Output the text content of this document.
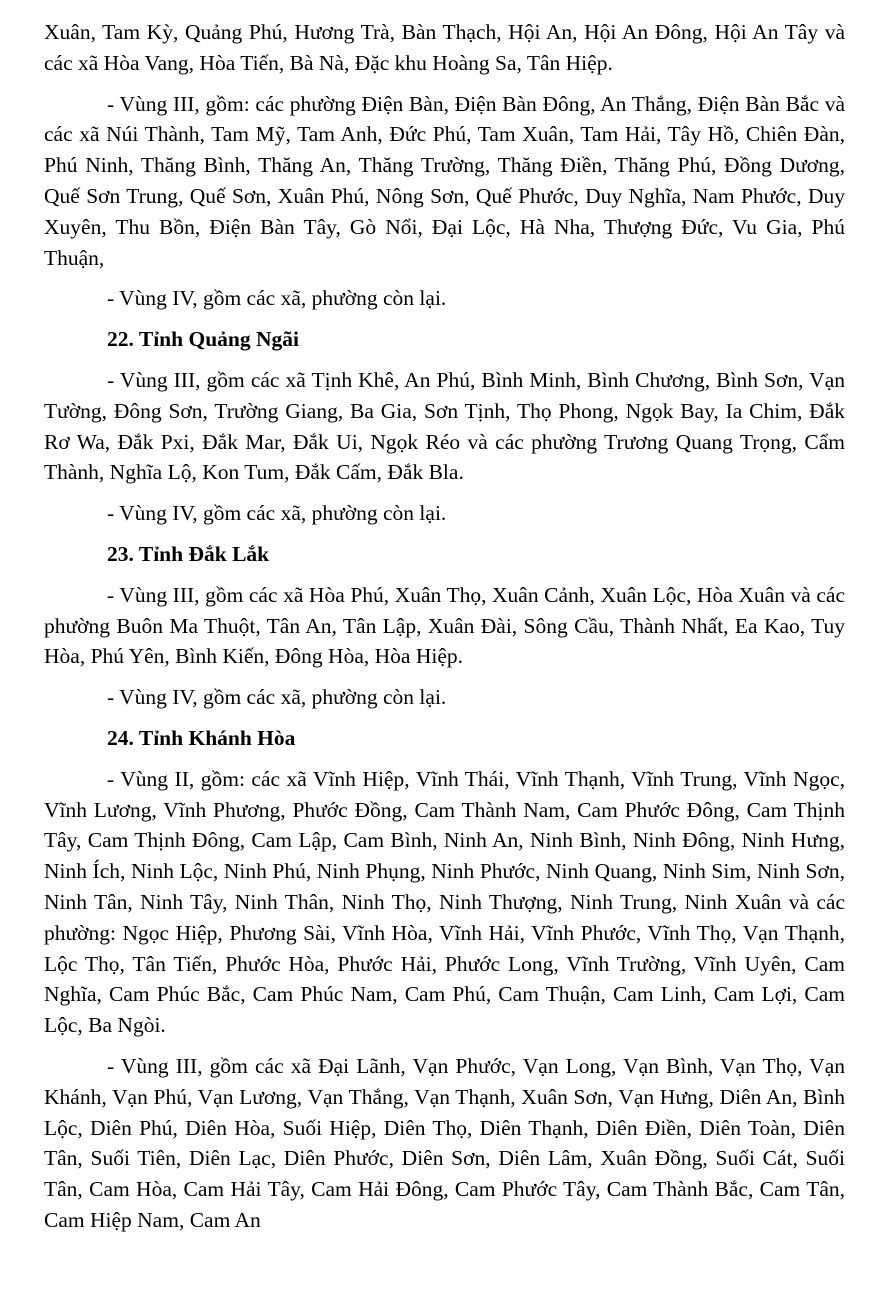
Xuân, Tam Kỳ, Quảng Phú, Hương Trà, Bàn Thạch, Hội An, Hội An Đông, Hội An Tây và các xã Hòa Vang, Hòa Tiến, Bà Nà, Đặc khu Hoàng Sa, Tân Hiệp.

- Vùng III, gồm: các phường Điện Bàn, Điện Bàn Đông, An Thắng, Điện Bàn Bắc và các xã Núi Thành, Tam Mỹ, Tam Anh, Đức Phú, Tam Xuân, Tam Hải, Tây Hồ, Chiên Đàn, Phú Ninh, Thăng Bình, Thăng An, Thăng Trường, Thăng Điền, Thăng Phú, Đồng Dương, Quế Sơn Trung, Quế Sơn, Xuân Phú, Nông Sơn, Quế Phước, Duy Nghĩa, Nam Phước, Duy Xuyên, Thu Bồn, Điện Bàn Tây, Gò Nổi, Đại Lộc, Hà Nha, Thượng Đức, Vu Gia, Phú Thuận,

- Vùng IV, gồm các xã, phường còn lại.

22. Tỉnh Quảng Ngãi

- Vùng III, gồm các xã Tịnh Khê, An Phú, Bình Minh, Bình Chương, Bình Sơn, Vạn Tường, Đông Sơn, Trường Giang, Ba Gia, Sơn Tịnh, Thọ Phong, Ngọk Bay, Ia Chim, Đắk Rơ Wa, Đắk Pxi, Đắk Mar, Đắk Ui, Ngọk Réo và các phường Trương Quang Trọng, Cẩm Thành, Nghĩa Lộ, Kon Tum, Đắk Cấm, Đắk Bla.

- Vùng IV, gồm các xã, phường còn lại.

23. Tỉnh Đắk Lắk

- Vùng III, gồm các xã Hòa Phú, Xuân Thọ, Xuân Cảnh, Xuân Lộc, Hòa Xuân và các phường Buôn Ma Thuột, Tân An, Tân Lập, Xuân Đài, Sông Cầu, Thành Nhất, Ea Kao, Tuy Hòa, Phú Yên, Bình Kiến, Đông Hòa, Hòa Hiệp.

- Vùng IV, gồm các xã, phường còn lại.

24. Tỉnh Khánh Hòa

- Vùng II, gồm: các xã Vĩnh Hiệp, Vĩnh Thái, Vĩnh Thạnh, Vĩnh Trung, Vĩnh Ngọc, Vĩnh Lương, Vĩnh Phương, Phước Đồng, Cam Thành Nam, Cam Phước Đông, Cam Thịnh Tây, Cam Thịnh Đông, Cam Lập, Cam Bình, Ninh An, Ninh Bình, Ninh Đông, Ninh Hưng, Ninh Ích, Ninh Lộc, Ninh Phú, Ninh Phụng, Ninh Phước, Ninh Quang, Ninh Sim, Ninh Sơn, Ninh Tân, Ninh Tây, Ninh Thân, Ninh Thọ, Ninh Thượng, Ninh Trung, Ninh Xuân và các phường: Ngọc Hiệp, Phương Sài, Vĩnh Hòa, Vĩnh Hải, Vĩnh Phước, Vĩnh Thọ, Vạn Thạnh, Lộc Thọ, Tân Tiến, Phước Hòa, Phước Hải, Phước Long, Vĩnh Trường, Vĩnh Uyên, Cam Nghĩa, Cam Phúc Bắc, Cam Phúc Nam, Cam Phú, Cam Thuận, Cam Linh, Cam Lợi, Cam Lộc, Ba Ngòi.

- Vùng III, gồm các xã Đại Lãnh, Vạn Phước, Vạn Long, Vạn Bình, Vạn Thọ, Vạn Khánh, Vạn Phú, Vạn Lương, Vạn Thắng, Vạn Thạnh, Xuân Sơn, Vạn Hưng, Diên An, Bình Lộc, Diên Phú, Diên Hòa, Suối Hiệp, Diên Thọ, Diên Thạnh, Diên Điền, Diên Toàn, Diên Tân, Suối Tiên, Diên Lạc, Diên Phước, Diên Sơn, Diên Lâm, Xuân Đồng, Suối Cát, Suối Tân, Cam Hòa, Cam Hải Tây, Cam Hải Đông, Cam Phước Tây, Cam Thành Bắc, Cam Tân, Cam Hiệp Nam, Cam An
